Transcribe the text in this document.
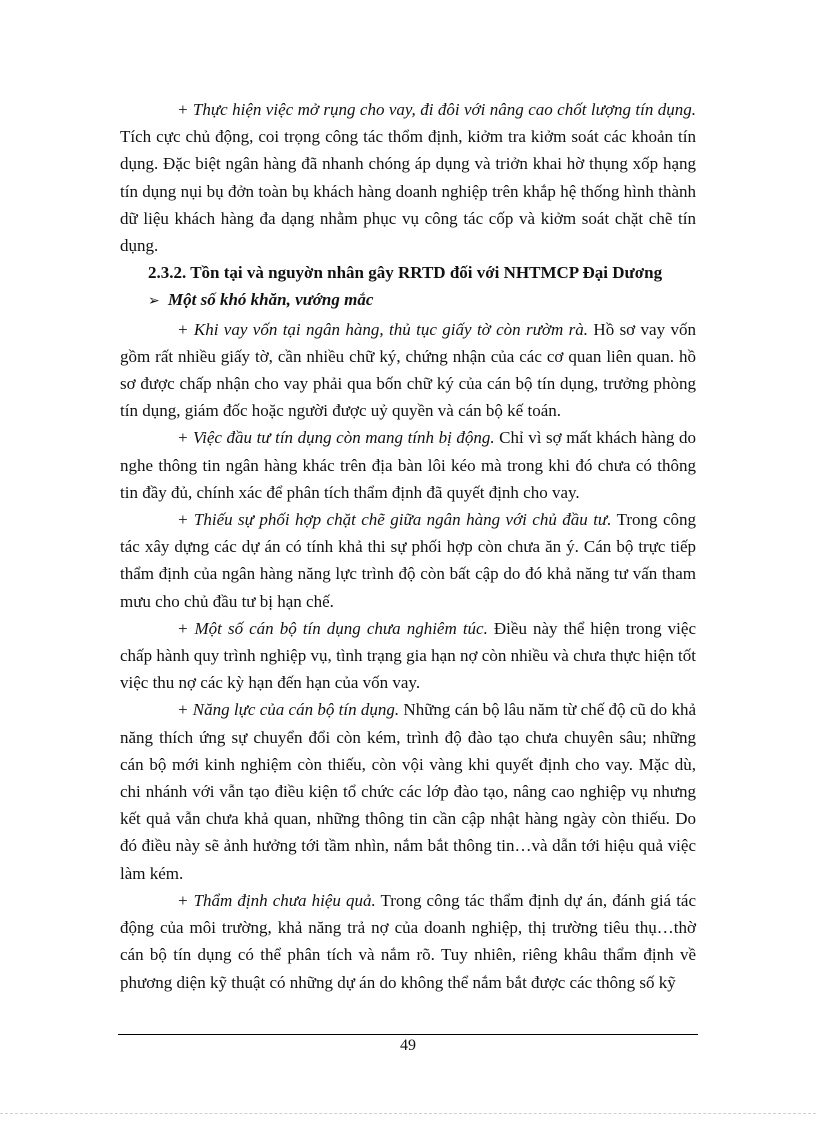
+ Thực hiện việc mở rụng cho vay, đi đôi với nâng cao chốt lượng tín dụng. Tích cực chủ động, coi trọng công tác thổm định, kiởm tra kiởm soát các khoản tín dụng. Đặc biệt ngân hàng đã nhanh chóng áp dụng và triởn khai hờ thụng xốp hạng tín dụng nụi bụ đởn toàn bụ khách hàng doanh nghiệp trên khắp hệ thống hình thành dữ liệu khách hàng đa dạng nhằm phục vụ công tác cốp và kiởm soát chặt chẽ tín dụng.

2.3.2. Tồn tại và nguyờn nhân gây RRTD đối với NHTMCP Đại Dương

➢ Một số khó khăn, vướng mắc

+ Khi vay vốn tại ngân hàng, thủ tục giấy tờ còn rườm rà. Hồ sơ vay vốn gồm rất nhiều giấy tờ, cần nhiều chữ ký, chứng nhận của các cơ quan liên quan. hồ sơ được chấp nhận cho vay phải qua bốn chữ ký của cán bộ tín dụng, trưởng phòng tín dụng, giám đốc hoặc người được uỷ quyền và cán bộ kế toán.

+ Việc đầu tư tín dụng còn mang tính bị động. Chỉ vì sợ mất khách hàng do nghe thông tin ngân hàng khác trên địa bàn lôi kéo mà trong khi đó chưa có thông tin đầy đủ, chính xác để phân tích thẩm định đã quyết định cho vay.

+ Thiếu sự phối hợp chặt chẽ giữa ngân hàng với chủ đầu tư. Trong công tác xây dựng các dự án có tính khả thi sự phối hợp còn chưa ăn ý. Cán bộ trực tiếp thẩm định của ngân hàng năng lực trình độ còn bất cập do đó khả năng tư vấn tham mưu cho chủ đầu tư bị hạn chế.

+ Một số cán bộ tín dụng chưa nghiêm túc. Điều này thể hiện trong việc chấp hành quy trình nghiệp vụ, tình trạng gia hạn nợ còn nhiều và chưa thực hiện tốt việc thu nợ các kỳ hạn đến hạn của vốn vay.

+ Năng lực của cán bộ tín dụng. Những cán bộ lâu năm từ chế độ cũ do khả năng thích ứng sự chuyển đổi còn kém, trình độ đào tạo chưa chuyên sâu; những cán bộ mới kinh nghiệm còn thiếu, còn vội vàng khi quyết định cho vay. Mặc dù, chi nhánh với vẫn tạo điều kiện tổ chức các lớp đào tạo, nâng cao nghiệp vụ nhưng kết quả vẫn chưa khả quan, những thông tin cần cập nhật hàng ngày còn thiếu. Do đó điều này sẽ ảnh hưởng tới tầm nhìn, nắm bắt thông tin…và dẫn tới hiệu quả việc làm kém.

+ Thẩm định chưa hiệu quả. Trong công tác thẩm định dự án, đánh giá tác động của môi trường, khả năng trả nợ của doanh nghiệp, thị trường tiêu thụ…thờ cán bộ tín dụng có thể phân tích và nắm rõ. Tuy nhiên, riêng khâu thẩm định về phương diện kỹ thuật có những dự án do không thể nắm bắt được các thông số kỹ

49
